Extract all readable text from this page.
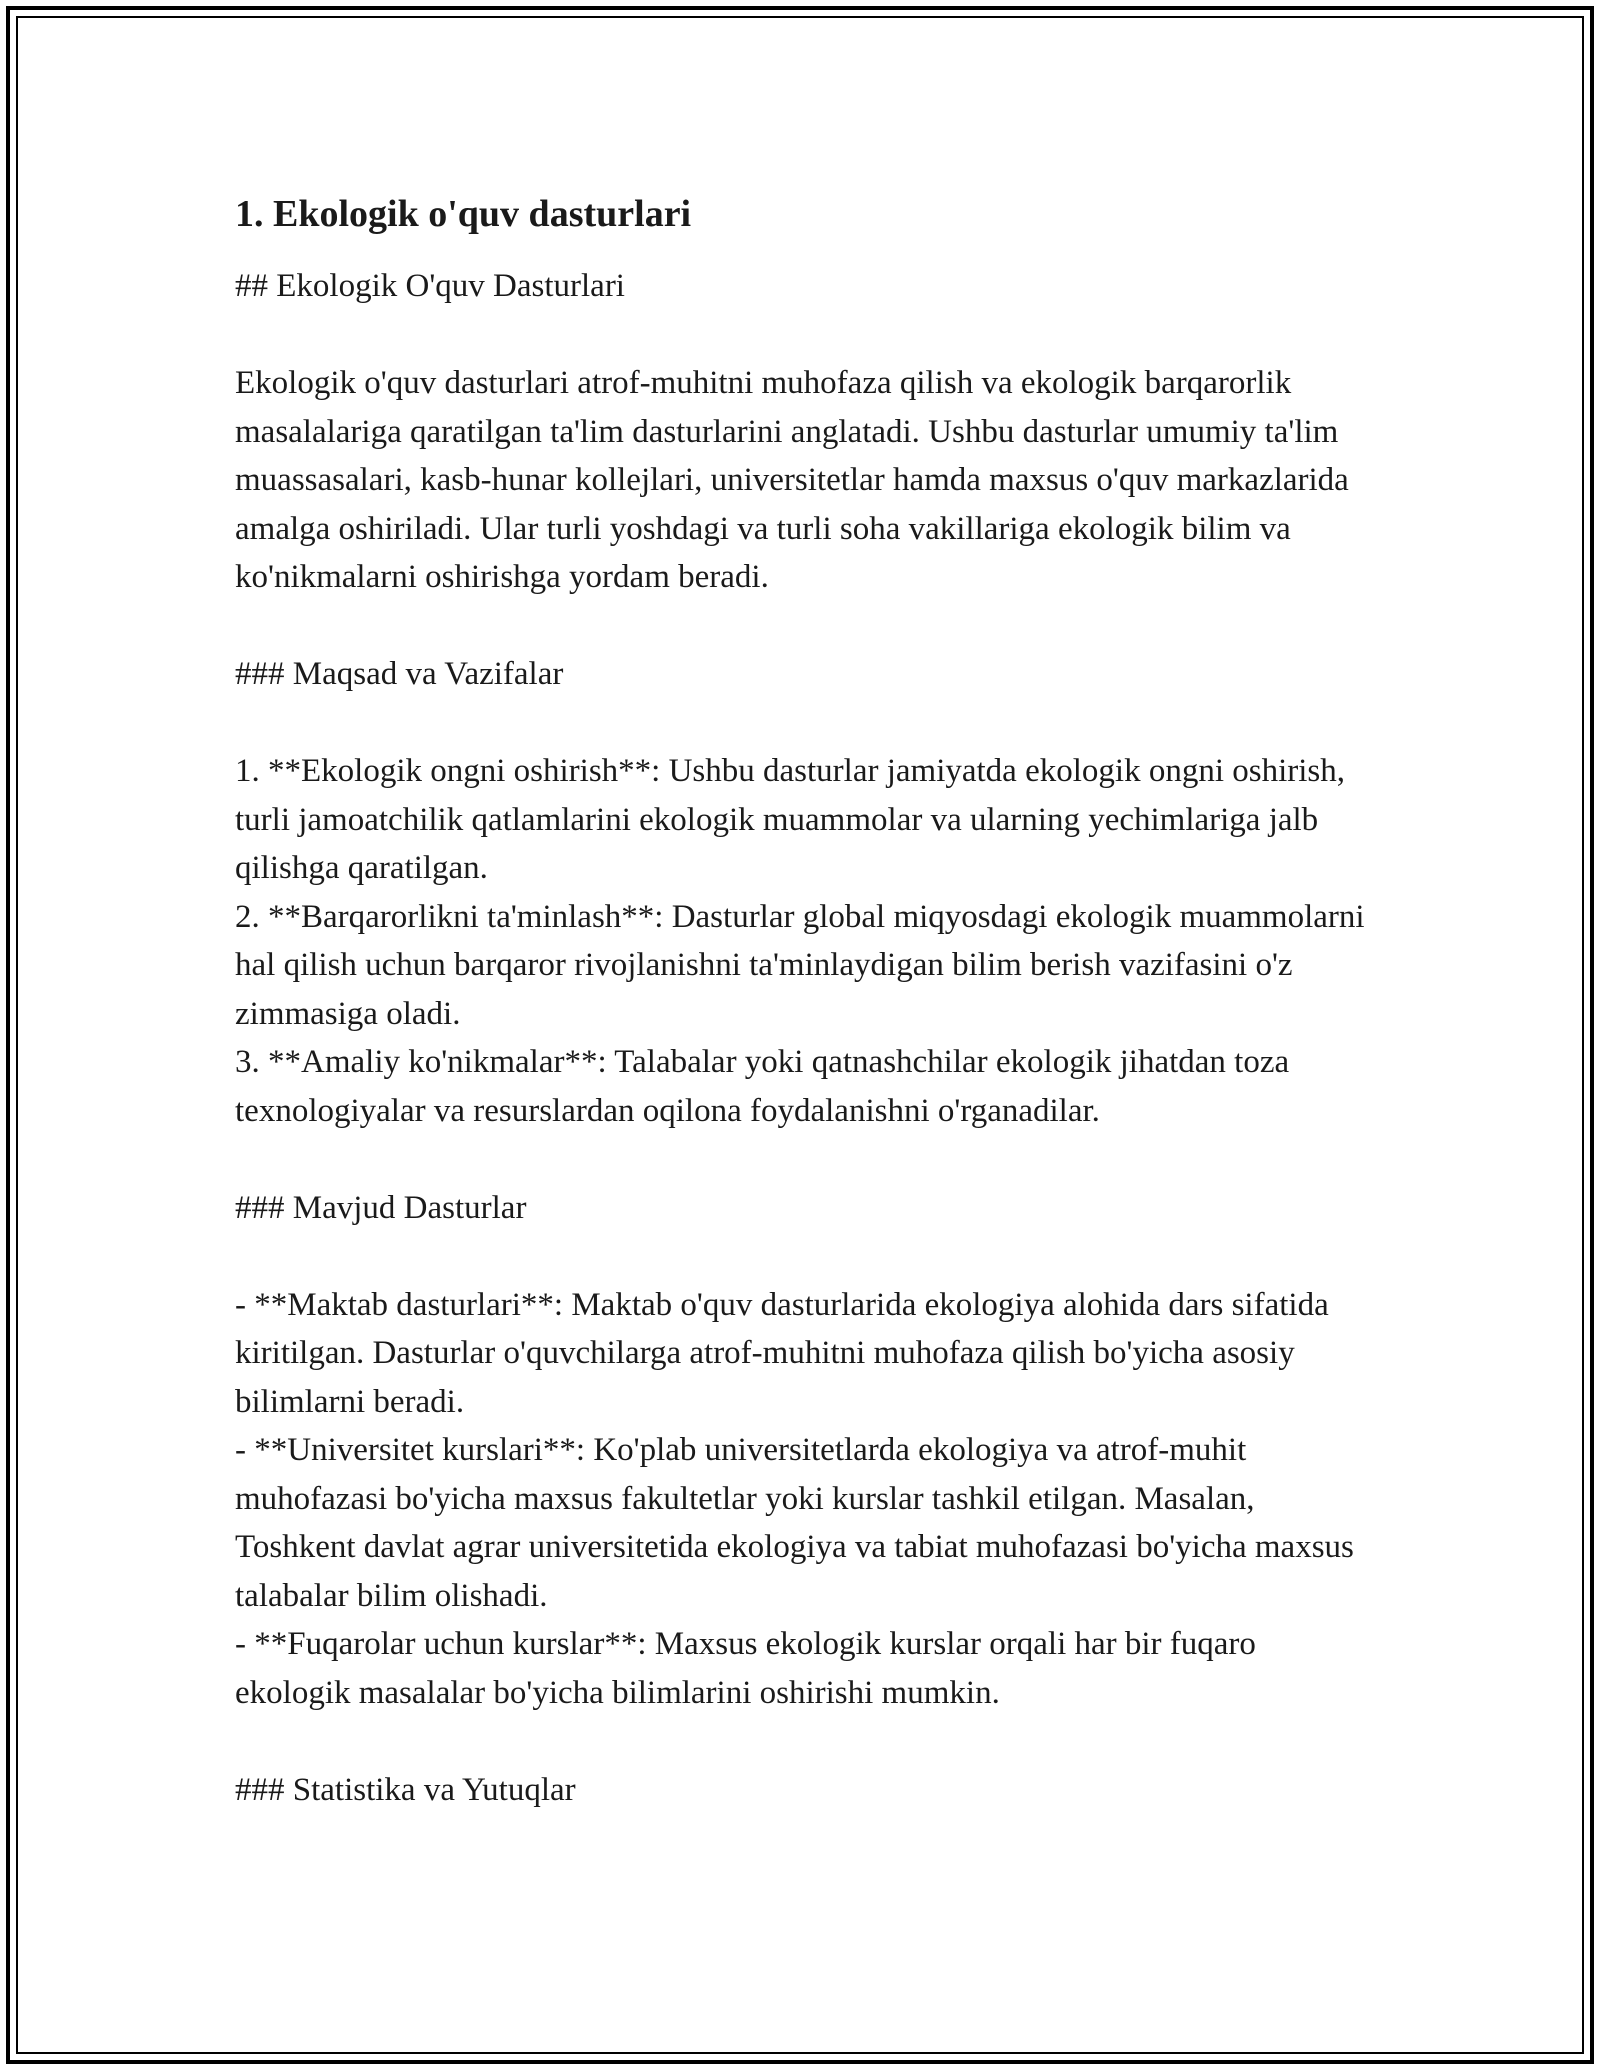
1. Ekologik o'quv dasturlari

## Ekologik O'quv Dasturlari

Ekologik o'quv dasturlari atrof-muhitni muhofaza qilish va ekologik barqarorlik masalalariga qaratilgan ta'lim dasturlarini anglatadi. Ushbu dasturlar umumiy ta'lim muassasalari, kasb-hunar kollejlari, universitetlar hamda maxsus o'quv markazlarida amalga oshiriladi. Ular turli yoshdagi va turli soha vakillariga ekologik bilim va ko'nikmalarni oshirishga yordam beradi.

### Maqsad va Vazifalar

1. **Ekologik ongni oshirish**: Ushbu dasturlar jamiyatda ekologik ongni oshirish, turli jamoatchilik qatlamlarini ekologik muammolar va ularning yechimlariga jalb qilishga qaratilgan.

2. **Barqarorlikni ta'minlash**: Dasturlar global miqyosdagi ekologik muammolarni hal qilish uchun barqaror rivojlanishni ta'minlaydigan bilim berish vazifasini o'z zimmasiga oladi.

3. **Amaliy ko'nikmalar**: Talabalar yoki qatnashchilar ekologik jihatdan toza texnologiyalar va resurslardan oqilona foydalanishni o'rganadilar.

### Mavjud Dasturlar

- **Maktab dasturlari**: Maktab o'quv dasturlarida ekologiya alohida dars sifatida kiritilgan. Dasturlar o'quvchilarga atrof-muhitni muhofaza qilish bo'yicha asosiy bilimlarni beradi.

- **Universitet kurslari**: Ko'plab universitetlarda ekologiya va atrof-muhit muhofazasi bo'yicha maxsus fakultetlar yoki kurslar tashkil etilgan. Masalan, Toshkent davlat agrar universitetida ekologiya va tabiat muhofazasi bo'yicha maxsus talabalar bilim olishadi.

- **Fuqarolar uchun kurslar**: Maxsus ekologik kurslar orqali har bir fuqaro ekologik masalalar bo'yicha bilimlarini oshirishi mumkin.

### Statistika va Yutuqlar
